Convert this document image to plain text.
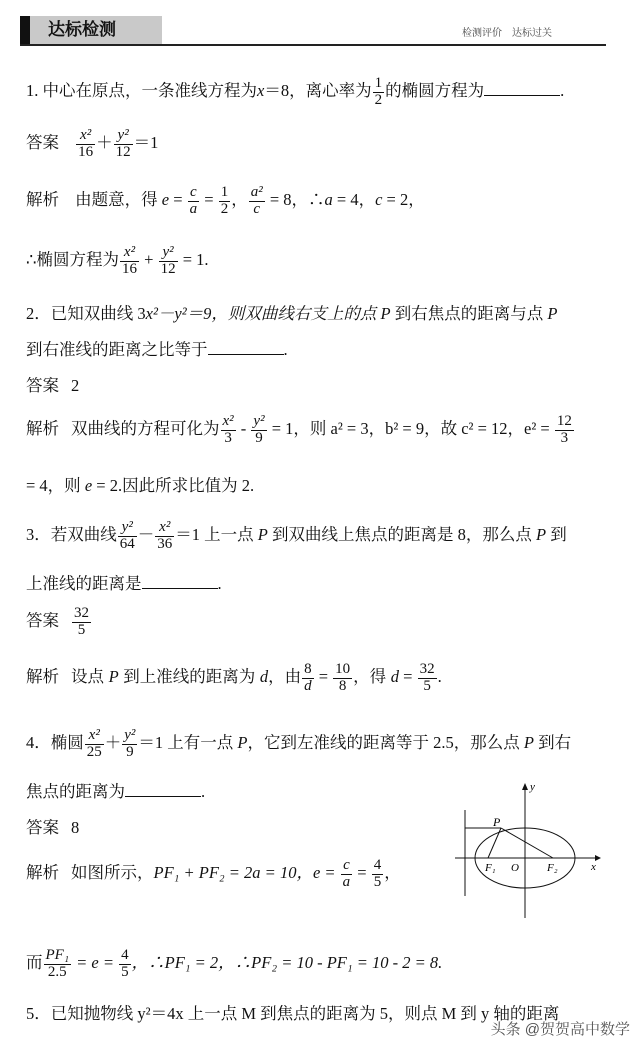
达标检测	检测评价 达标过关
1. 中心在原点，一条准线方程为x＝8，离心率为 $\frac{1}{2}$ 的椭圆方程为	.
答案 $\frac{\text{x²}}{16} + \frac{\text{y²}}{12} =1$
解析 由题意，得 $e = \frac{c}{a} = \frac{1}{2}$ ， $\frac{\text{a²}}{c} = 8$，∴a = 4，c = 2，
∴椭圆方程为 $\frac{\text{x²}}{16} + \frac{\text{y²}}{12} = 1$.
2．已知双曲线 3x²－y²＝9，则双曲线右支上的点 P 到右焦点的距离与点 P
到右准线的距离之比等于	.
答案 2
解析 双曲线的方程可化为 $\frac{\text{x²}}{3} - \frac{\text{y²}}{9} = 1$，则 a² = 3，b² = 9，故 c² = 12，$e^2 = \frac{12}{3}$
= 4，则 e = 2.因此所求比值为 2.
3．若双曲线 $\frac{\text{y²}}{64} - \frac{\text{x²}}{36} =1$ 上一点 P 到双曲线上焦点的距离是 8，那么点 P 到
上准线的距离是	.
答案 $\frac{32}{5}$
解析 设点 P 到上准线的距离为 d，由 $\frac{8}{d} = \frac{10}{8}$ ，得 $d = \frac{32}{5}$ .
4．椭圆 $\frac{\text{x²}}{25} + \frac{\text{y²}}{9} =1$ 上有一点 P，它到左准线的距离等于 2.5，那么点 P 到右
焦点的距离为	.
答案 8
解析 如图所示，PF₁ + PF₂ = 2a = 10，$e = \frac{c}{a} = \frac{4}{5}$ ，
而 $\frac{\text{PF₁}}{2.5} = e = \frac{4}{5}$ ，∴PF₁ = 2，∴PF₂ = 10 - PF₁ = 10 - 2 = 8.
y
x
P
F₁ O	F₂
5．已知抛物线 y²＝4x 上一点 M 到焦点的距离为 5，则点 M 到 y 轴的距离
头条 @贺贺高中数学
